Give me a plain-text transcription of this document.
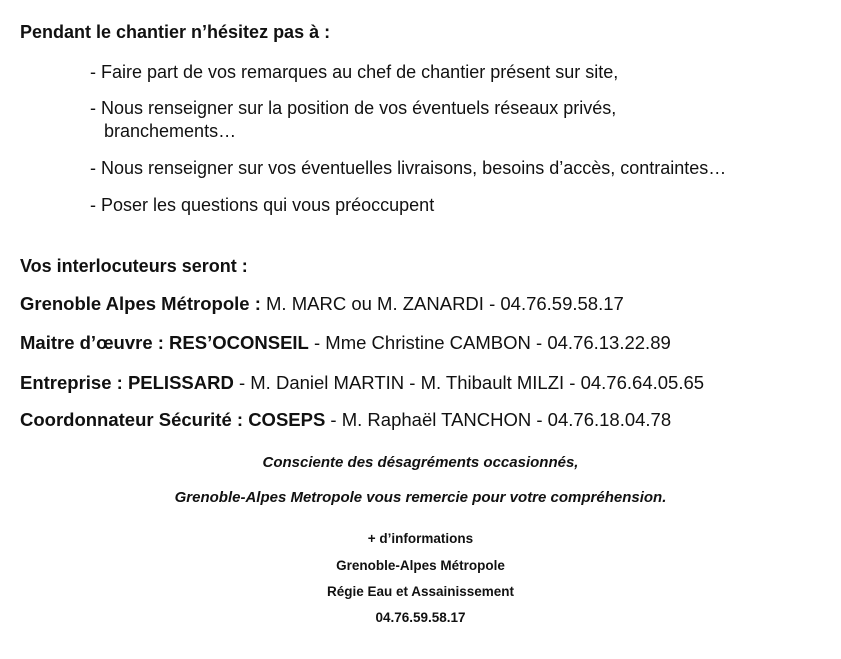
Pendant le chantier n’hésitez pas à :
- Faire part de vos remarques au chef de chantier présent sur site,
- Nous renseigner sur la position de vos éventuels réseaux privés,
branchements…
- Nous renseigner sur vos éventuelles livraisons, besoins d’accès, contraintes…
- Poser les questions qui vous préoccupent
Vos interlocuteurs seront :
Grenoble Alpes Métropole : M. MARC ou M. ZANARDI - 04.76.59.58.17
Maitre d’œuvre : RES’OCONSEIL - Mme Christine CAMBON - 04.76.13.22.89
Entreprise : PELISSARD - M. Daniel MARTIN - M. Thibault MILZI - 04.76.64.05.65
Coordonnateur Sécurité : COSEPS - M. Raphaël TANCHON - 04.76.18.04.78
Consciente des désagréments occasionnés,
Grenoble-Alpes Metropole vous remercie pour votre compréhension.
+ d’informations
Grenoble-Alpes Métropole
Régie Eau et Assainissement
04.76.59.58.17
